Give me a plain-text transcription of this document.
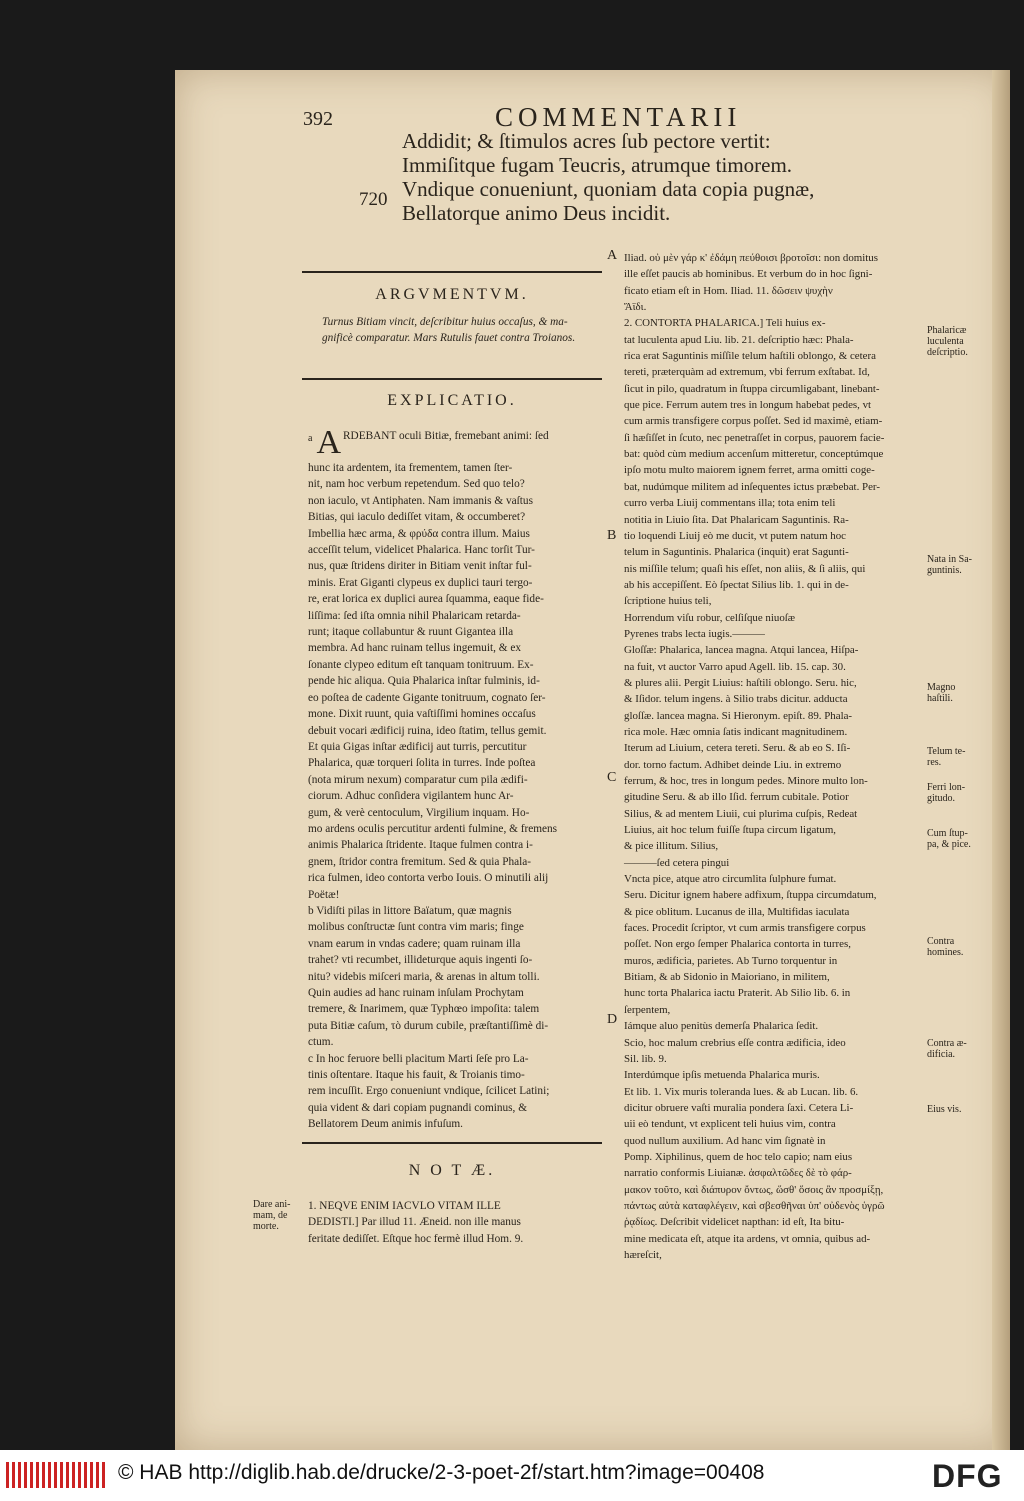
392	COMMENTARII
720
Addidit; & ſtimulos acres ſub pectore vertit:
Immiſitque fugam Teucris, atrumque timorem.
Vndique conueniunt, quoniam data copia pugnæ,
Bellatorque animo Deus incidit.
ARGVMENTVM.

Turnus Bitiam vincit, deſcribitur huius occaſus, & ma-

gnificè comparatur. Mars Rutulis fauet contra Troianos.

EXPLICATIO.
a A RDEBANT oculi Bitiæ, fremebant animi: ſed

hunc ita ardentem, ita frementem, tamen ſter-

nit, nam hoc verbum repetendum. Sed quo telo?

non iaculo, vt Antiphaten. Nam immanis & vaſtus

Bitias, qui iaculo dediſſet vitam, & occumberet?

Imbellia hæc arma, & φρύδα contra illum. Maius

acceſſit telum, videlicet Phalarica. Hanc torſit Tur-

nus, quæ ſtridens diriter in Bitiam venit inſtar ful-

minis. Erat Giganti clypeus ex duplici tauri tergo-

re, erat lorica ex duplici aurea ſquamma, eaque fide-

liſſima: ſed iſta omnia nihil Phalaricam retarda-

runt; itaque collabuntur & ruunt Gigantea illa

membra. Ad hanc ruinam tellus ingemuit, & ex

ſonante clypeo editum eſt tanquam tonitruum. Ex-

pende hic aliqua. Quia Phalarica inſtar fulminis, id-

eo poſtea de cadente Gigante tonitruum, cognato ſer-

mone. Dixit ruunt, quia vaſtiſſimi homines occaſus

debuit vocari ædificij ruina, ideo ſtatim, tellus gemit.

Et quia Gigas inſtar ædificij aut turris, percutitur

Phalarica, quæ torqueri ſolita in turres. Inde poſtea

(nota mirum nexum) comparatur cum pila ædifi-

ciorum. Adhuc conſidera vigilantem hunc Ar-

gum, & verè centoculum, Virgilium inquam. Ho-

mo ardens oculis percutitur ardenti fulmine, & fremens

animis Phalarica ſtridente. Itaque fulmen contra i-

gnem, ſtridor contra fremitum. Sed & quia Phala-

rica fulmen, ideo contorta verbo Iouis. O minutili alij

Poëtæ!

b Vidiſti pilas in littore Baïatum, quæ magnis

molibus conſtructæ ſunt contra vim maris; finge

vnam earum in vndas cadere; quam ruinam illa

trahet? vti recumbet, illideturque aquis ingenti ſo-

nitu? videbis miſceri maria, & arenas in altum tolli.

Quin audies ad hanc ruinam inſulam Prochytam

tremere, & Inarimem, quæ Typhœo impoſita: talem

puta Bitiæ caſum, τὸ durum cubile, præſtantiſſimè di-

ctum.

c In hoc feruore belli placitum Marti ſeſe pro La-

tinis oſtentare. Itaque his fauit, & Troianis timo-

rem incuſſit. Ergo conueniunt vndique, ſcilicet Latini;

quia vident & dari copiam pugnandi cominus, &

Bellatorem Deum animis infuſum.

N O T Æ.

1. NEQVE ENIM IACVLO VITAM ILLE

DEDISTI.] Par illud 11. Æneid. non ille manus

feritate dediſſet. Eſtque hoc fermè illud Hom. 9.

Dare ani-
mam, de
morte.
A
B
C
D

Iliad. οὐ μὲν γάρ κ' ἐδάμη πεύθοισι βροτοῖσι: non domitus

ille eſſet paucis ab hominibus. Et verbum do in hoc ſigni-

ficato etiam eſt in Hom. Iliad. 11. δῶσειν ψυχὴν

Ἄϊδι.

2. CONTORTA PHALARICA.] Teli huius ex-

tat luculenta apud Liu. lib. 21. deſcriptio hæc: Phala-

rica erat Saguntinis miſſile telum haſtili oblongo, & cetera

tereti, præterquàm ad extremum, vbi ferrum exſtabat. Id,

ſicut in pilo, quadratum in ſtuppa circumligabant, linebant-

que pice. Ferrum autem tres in longum habebat pedes, vt

cum armis transfigere corpus poſſet. Sed id maximè, etiam-

ſi hæſiſſet in ſcuto, nec penetraſſet in corpus, pauorem facie-

bat: quòd cùm medium accenſum mitteretur, conceptúmque

ipſo motu multo maiorem ignem ferret, arma omitti coge-

bat, nudúmque militem ad inſequentes ictus præbebat. Per-

curro verba Liuij commentans illa; tota enim teli

notitia in Liuio ſita. Dat Phalaricam Saguntinis. Ra-

tio loquendi Liuij eò me ducit, vt putem natum hoc

telum in Saguntinis. Phalarica (inquit) erat Sagunti-

nis miſſile telum; quaſi his eſſet, non aliis, & ſi aliis, qui

ab his accepiſſent. Eò ſpectat Silius lib. 1. qui in de-

ſcriptione huius teli,

Horrendum viſu robur, celſiſque niuoſæ

Pyrenes trabs lecta iugis.———

Gloſſæ: Phalarica, lancea magna. Atqui lancea, Hiſpa-

na fuit, vt auctor Varro apud Agell. lib. 15. cap. 30.

& plures alii. Pergit Liuius: haſtili oblongo. Seru. hic,

& Iſidor. telum ingens. à Silio trabs dicitur. adducta

gloſſæ. lancea magna. Si Hieronym. epiſt. 89. Phala-

rica mole. Hæc omnia ſatis indicant magnitudinem.

Iterum ad Liuium, cetera tereti. Seru. & ab eo S. Iſi-

dor. torno factum. Adhibet deinde Liu. in extremo

ferrum, & hoc, tres in longum pedes. Minore multo lon-

gitudine Seru. & ab illo Iſid. ferrum cubitale. Potior

Silius, & ad mentem Liuii, cui plurima cuſpis, Redeat

Liuius, ait hoc telum fuiſſe ſtupa circum ligatum,

& pice illitum. Silius,

———ſed cetera pingui

Vncta pice, atque atro circumlita ſulphure fumat.

Seru. Dicitur ignem habere adfixum, ſtuppa circumdatum,

& pice oblitum. Lucanus de illa, Multifidas iaculata

faces. Procedit ſcriptor, vt cum armis transfigere corpus

poſſet. Non ergo ſemper Phalarica contorta in turres,

muros, ædificia, parietes. Ab Turno torquentur in

Bitiam, & ab Sidonio in Maioriano, in militem,

hunc torta Phalarica iactu Praterit. Ab Silio lib. 6. in

ſerpentem,

Iámque aluo penitùs demerſa Phalarica ſedit.

Scio, hoc malum crebrius eſſe contra ædificia, ideo

Sil. lib. 9.

Interdúmque ipſis metuenda Phalarica muris.

Et lib. 1. Vix muris toleranda lues. & ab Lucan. lib. 6.

dicitur obruere vaſti muralia pondera ſaxi. Cetera Li-

uii eò tendunt, vt explicent teli huius vim, contra

quod nullum auxilium. Ad hanc vim ſignatè in

Pomp. Xiphilinus, quem de hoc telo capio; nam eius

narratio conformis Liuianæ. ἀσφαλτῶδες δὲ τὸ φάρ-

μακον τοῦτο, καὶ διάπυρον ὄντως, ὥσθ' ὅσοις ἂν προσμίξῃ,

πάντως αὐτὰ καταφλέγειν, καὶ σβεσθῆναι ὑπ' οὐδενὸς ὑγρῶ

ῥᾳδίως. Deſcribit videlicet napthan: id eſt, Ita bitu-

mine medicata eſt, atque ita ardens, vt omnia, quibus ad-

hæreſcit,

Phalaricæ
luculenta
deſcriptio.
Nata in Sa-
guntinis.
Magno
haſtili.
Telum te-
res.
Ferri lon-
gitudo.
Cum ſtup-
pa, & pice.
Contra
homines.
Contra æ-
dificia.
Eius vis.
© HAB http://diglib.hab.de/drucke/2-3-poet-2f/start.htm?image=00408	DFG
